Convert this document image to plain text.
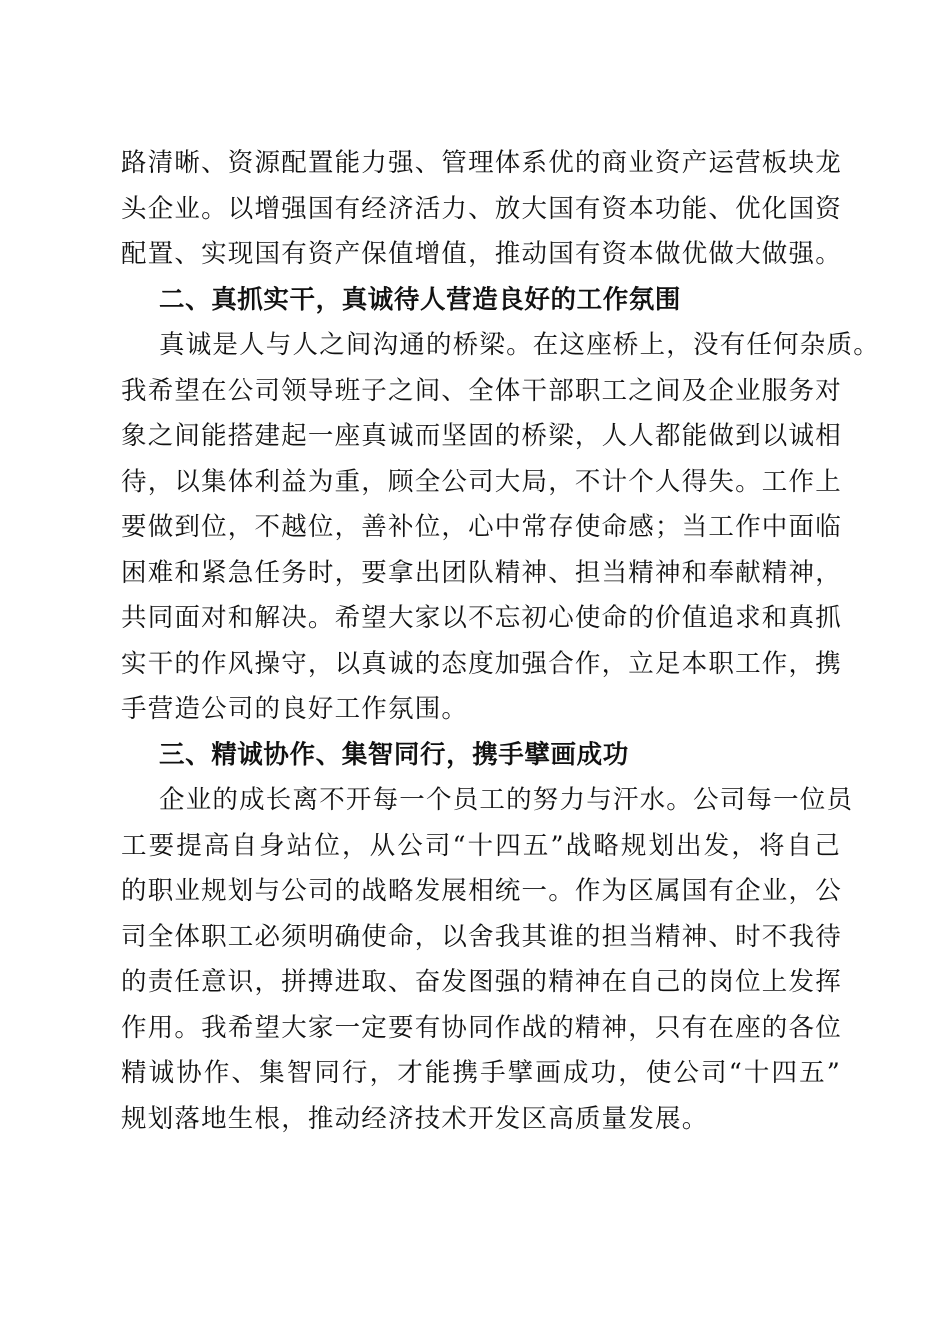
路清晰、资源配置能力强、管理体系优的商业资产运营板块龙
头企业。以增强国有经济活力、放大国有资本功能、优化国资
配置、实现国有资产保值增值，推动国有资本做优做大做强。
二、真抓实干，真诚待人营造良好的工作氛围
真诚是人与人之间沟通的桥梁。在这座桥上，没有任何杂质。
我希望在公司领导班子之间、全体干部职工之间及企业服务对
象之间能搭建起一座真诚而坚固的桥梁，人人都能做到以诚相
待，以集体利益为重，顾全公司大局，不计个人得失。工作上
要做到位，不越位，善补位，心中常存使命感；当工作中面临
困难和紧急任务时，要拿出团队精神、担当精神和奉献精神，
共同面对和解决。希望大家以不忘初心使命的价值追求和真抓
实干的作风操守，以真诚的态度加强合作，立足本职工作，携
手营造公司的良好工作氛围。
三、精诚协作、集智同行，携手擘画成功
企业的成长离不开每一个员工的努力与汗水。公司每一位员
工要提高自身站位，从公司“十四五”战略规划出发，将自己
的职业规划与公司的战略发展相统一。作为区属国有企业，公
司全体职工必须明确使命，以舍我其谁的担当精神、时不我待
的责任意识，拼搏进取、奋发图强的精神在自己的岗位上发挥
作用。我希望大家一定要有协同作战的精神，只有在座的各位
精诚协作、集智同行，才能携手擘画成功，使公司“十四五”
规划落地生根，推动经济技术开发区高质量发展。
